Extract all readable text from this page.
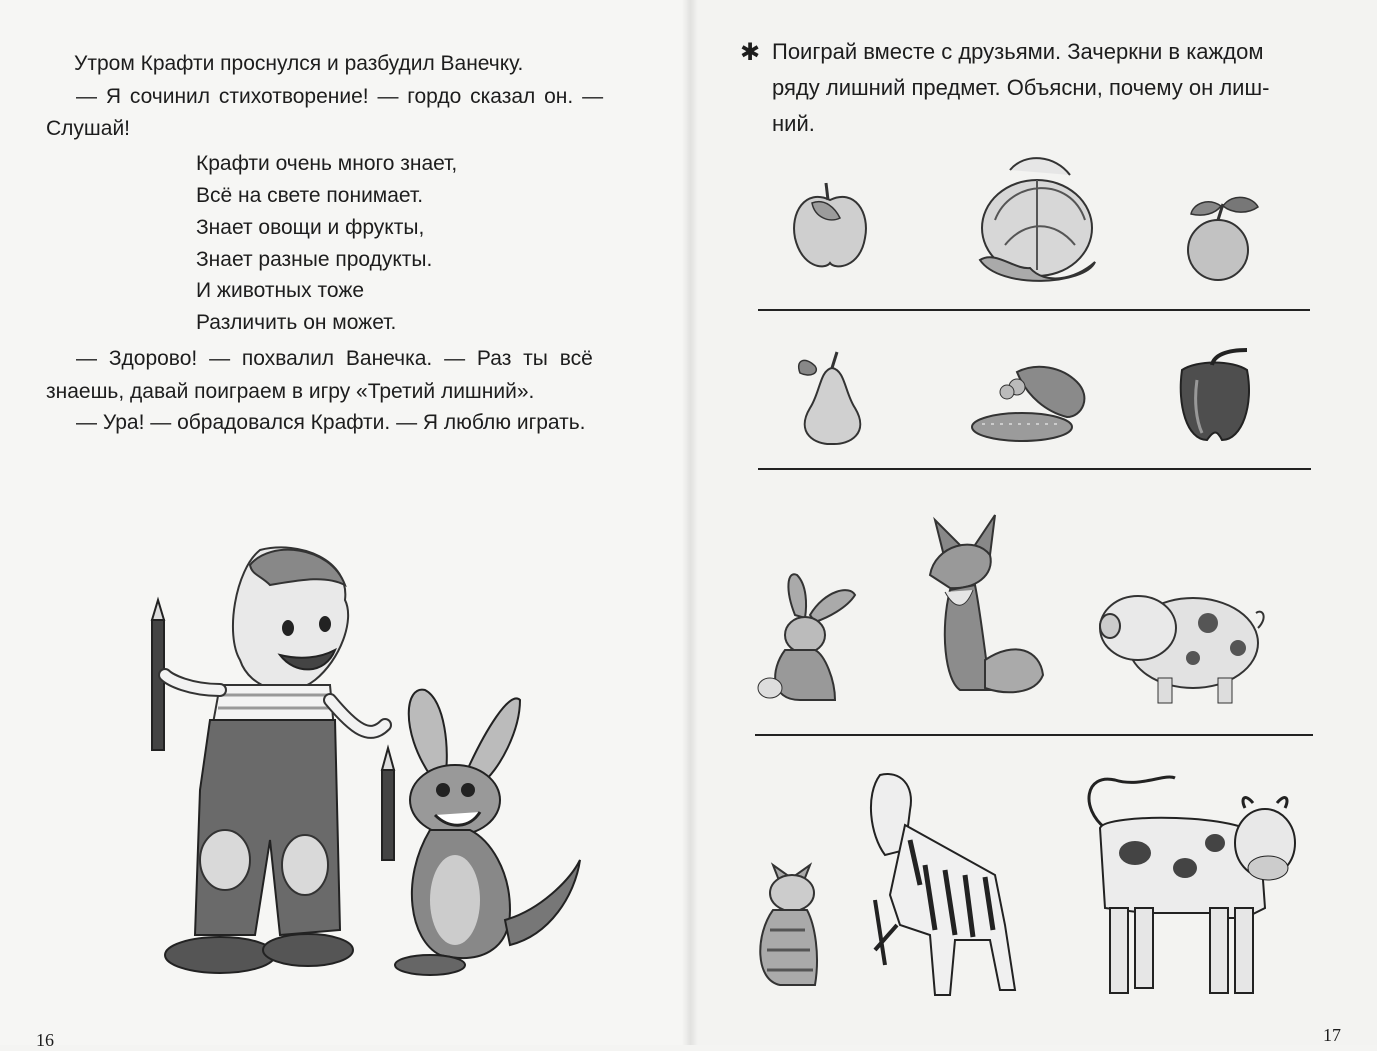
Утром Крафти проснулся и разбудил Ванечку.
— Я сочинил стихотворение! — гордо сказал он. —
Слушай!
Крафти очень много знает,
Всё на свете понимает.
Знает овощи и фрукты,
Знает разные продукты.
И животных тоже
Различить он может.
— Здорово! — похвалил Ванечка. — Раз ты всё
знаешь, давай поиграем в игру «Третий лишний».
— Ура! — обрадовался Крафти. — Я люблю играть.
16
✱ Поиграй вместе с друзьями. Зачеркни в каждом
ряду лишний предмет. Объясни, почему он лиш-
ний.
17
